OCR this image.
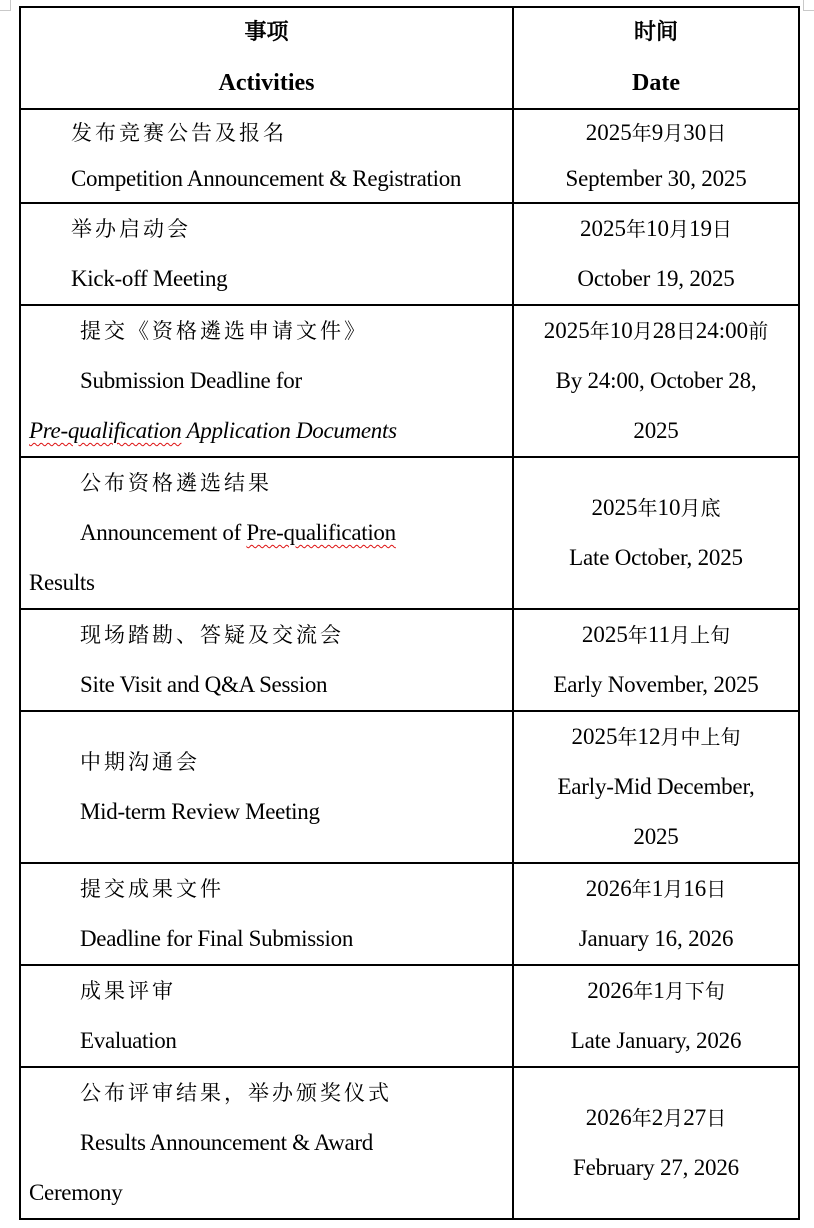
事项
Activities	时间
Date

发布竞赛公告及报名
Competition Announcement & Registration	2025年9月30日
September 30, 2025

举办启动会
Kick-off Meeting	2025年10月19日
October 19, 2025

提交《资格遴选申请文件》
Submission Deadline for
Pre-qualification Application Documents	2025年10月28日24:00前
By 24:00, October 28,
2025

公布资格遴选结果
Announcement of Pre-qualification
Results	2025年10月底
Late October, 2025

现场踏勘、答疑及交流会
Site Visit and Q&A Session	2025年11月上旬
Early November, 2025

中期沟通会
Mid-term Review Meeting	2025年12月中上旬
Early-Mid December,
2025

提交成果文件
Deadline for Final Submission	2026年1月16日
January 16, 2026

成果评审
Evaluation	2026年1月下旬
Late January, 2026

公布评审结果，举办颁奖仪式
Results Announcement & Award
Ceremony	2026年2月27日
February 27, 2026
